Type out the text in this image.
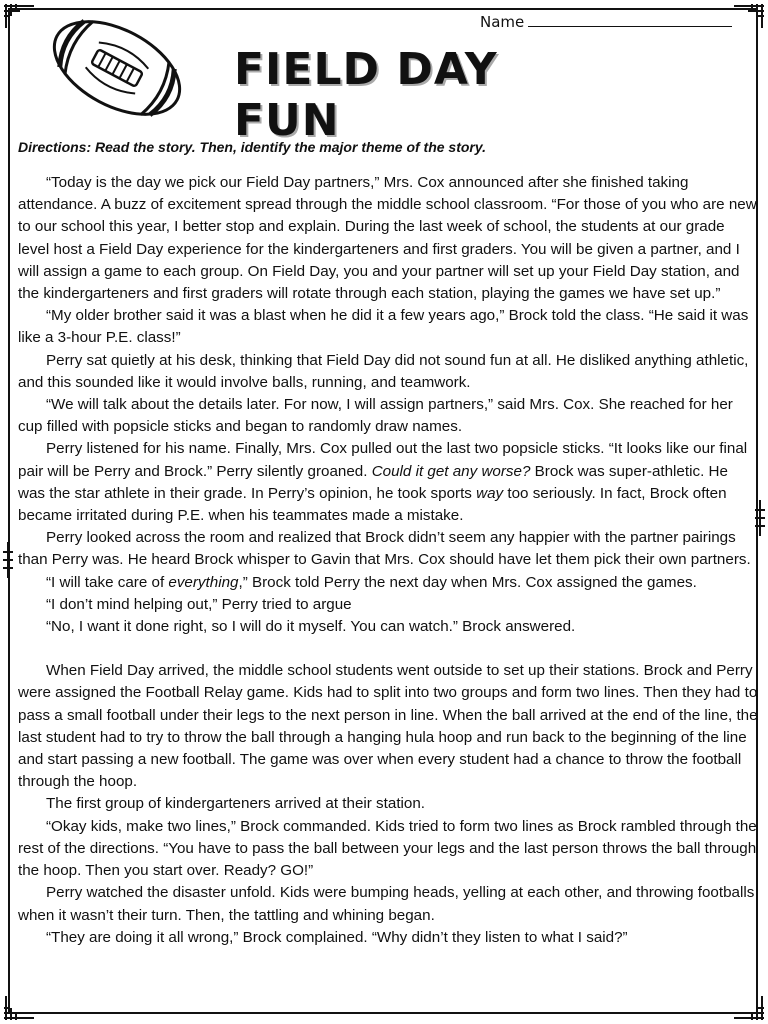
Name
FIELD DAY FUN
Directions: Read the story. Then, identify the major theme of the story.

“Today is the day we pick our Field Day partners,” Mrs. Cox announced after she finished taking attendance. A buzz of excitement spread through the middle school classroom. “For those of you who are new to our school this year, I better stop and explain. During the last week of school, the students at our grade level host a Field Day experience for the kindergarteners and first graders. You will be given a partner, and I will assign a game to each group. On Field Day, you and your partner will set up your Field Day station, and the kindergarteners and first graders will rotate through each station, playing the games we have set up.”

“My older brother said it was a blast when he did it a few years ago,” Brock told the class. “He said it was like a 3-hour P.E. class!”

Perry sat quietly at his desk, thinking that Field Day did not sound fun at all. He disliked anything athletic, and this sounded like it would involve balls, running, and teamwork.

“We will talk about the details later. For now, I will assign partners,” said Mrs. Cox. She reached for her cup filled with popsicle sticks and began to randomly draw names.

Perry listened for his name. Finally, Mrs. Cox pulled out the last two popsicle sticks. “It looks like our final pair will be Perry and Brock.” Perry silently groaned. Could it get any worse? Brock was super-athletic. He was the star athlete in their grade. In Perry’s opinion, he took sports way too seriously. In fact, Brock often became irritated during P.E. when his teammates made a mistake.

Perry looked across the room and realized that Brock didn’t seem any happier with the partner pairings than Perry was. He heard Brock whisper to Gavin that Mrs. Cox should have let them pick their own partners.

“I will take care of everything,” Brock told Perry the next day when Mrs. Cox assigned the games.

“I don’t mind helping out,” Perry tried to argue

“No, I want it done right, so I will do it myself. You can watch.” Brock answered.

When Field Day arrived, the middle school students went outside to set up their stations. Brock and Perry were assigned the Football Relay game. Kids had to split into two groups and form two lines. Then they had to pass a small football under their legs to the next person in line. When the ball arrived at the end of the line, the last student had to try to throw the ball through a hanging hula hoop and run back to the beginning of the line and start passing a new football. The game was over when every student had a chance to throw the football through the hoop.

The first group of kindergarteners arrived at their station.

“Okay kids, make two lines,” Brock commanded. Kids tried to form two lines as Brock rambled through the rest of the directions. “You have to pass the ball between your legs and the last person throws the ball through the hoop. Then you start over. Ready? GO!”

Perry watched the disaster unfold. Kids were bumping heads, yelling at each other, and throwing footballs when it wasn’t their turn. Then, the tattling and whining began.

“They are doing it all wrong,” Brock complained. “Why didn’t they listen to what I said?”
